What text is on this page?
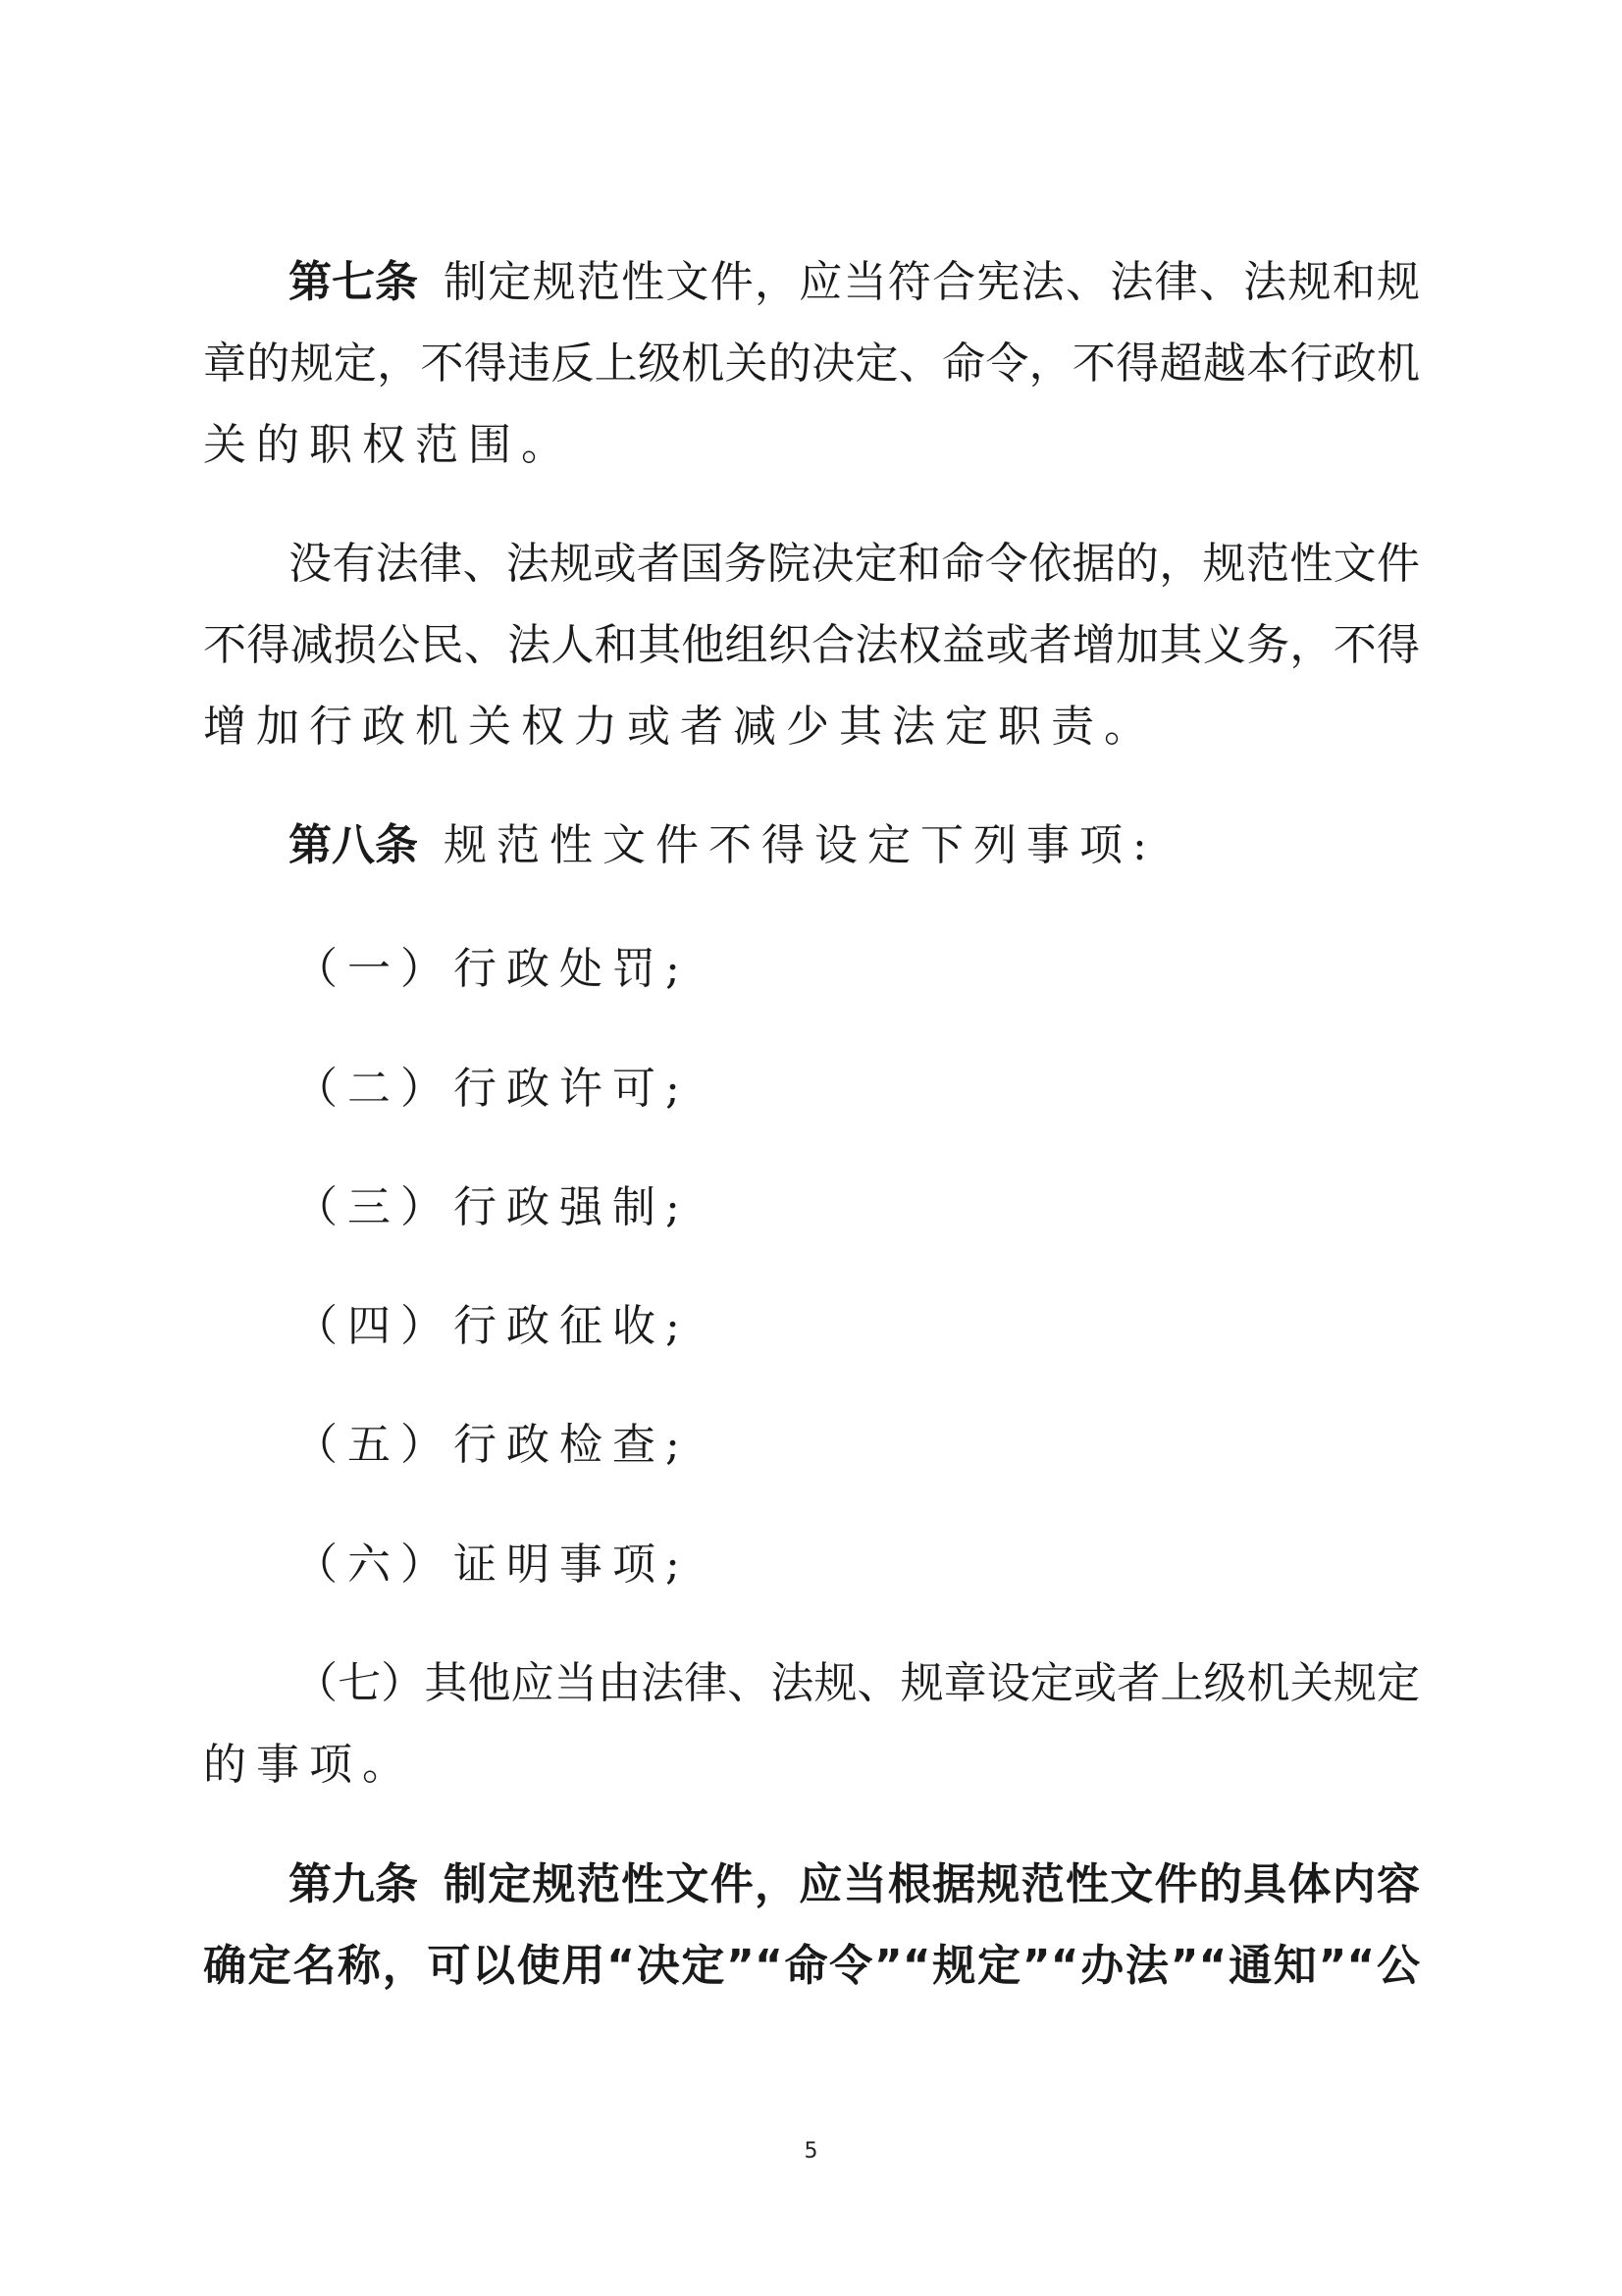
第七条 制定规范性文件，应当符合宪法、法律、法规和规
章的规定，不得违反上级机关的决定、命令，不得超越本行政机
关的职权范围。
没有法律、法规或者国务院决定和命令依据的，规范性文件
不得减损公民、法人和其他组织合法权益或者增加其义务，不得
增加行政机关权力或者减少其法定职责。
第八条 规范性文件不得设定下列事项:
（一）行政处罚;
（二）行政许可;
（三）行政强制;
（四）行政征收;
（五）行政检查;
（六）证明事项;
（七）其他应当由法律、法规、规章设定或者上级机关规定
的事项。
第九条 制定规范性文件，应当根据规范性文件的具体内容
确定名称，可以使用“决定”“命令”“规定”“办法”“通知”“公
5
